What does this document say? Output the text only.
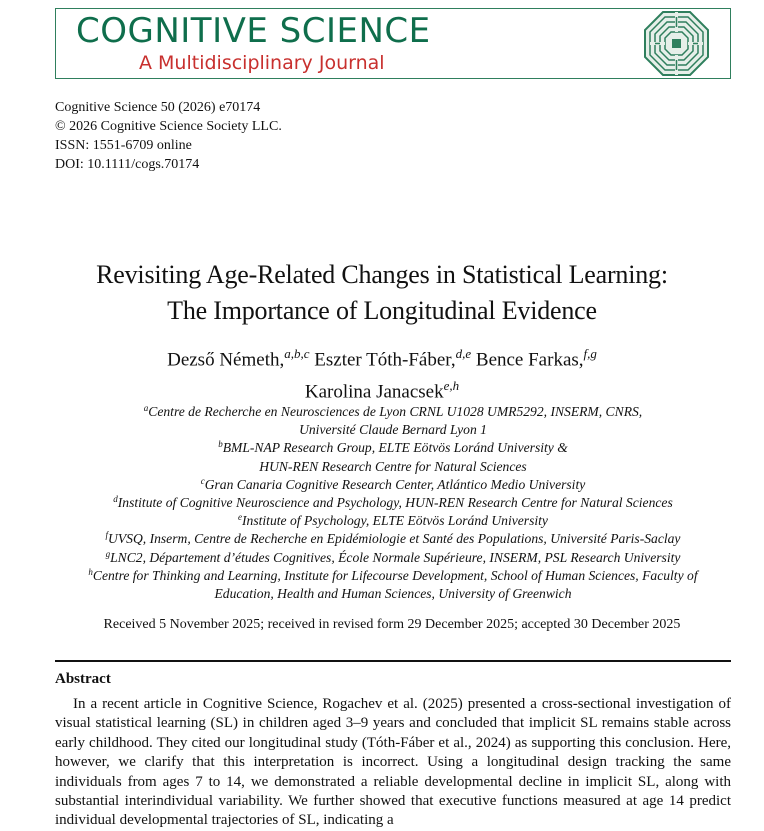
COGNITIVE SCIENCE
A Multidisciplinary Journal
Cognitive Science 50 (2026) e70174
© 2026 Cognitive Science Society LLC.
ISSN: 1551-6709 online
DOI: 10.1111/cogs.70174
Revisiting Age-Related Changes in Statistical Learning:
The Importance of Longitudinal Evidence
Dezső Németh,$^{a,b,c}$ Eszter Tóth-Fáber,$^{d,e}$ Bence Farkas,$^{f,g}$
Karolina Janacsek$^{e,h}$
$^a$Centre de Recherche en Neurosciences de Lyon CRNL U1028 UMR5292, INSERM, CNRS,
Université Claude Bernard Lyon 1
$^b$BML-NAP Research Group, ELTE Eötvös Loránd University &
HUN-REN Research Centre for Natural Sciences
$^c$Gran Canaria Cognitive Research Center, Atlántico Medio University
$^d$Institute of Cognitive Neuroscience and Psychology, HUN-REN Research Centre for Natural Sciences
$^e$Institute of Psychology, ELTE Eötvös Loránd University
$^f$UVSQ, Inserm, Centre de Recherche en Epidémiologie et Santé des Populations, Université Paris-Saclay
$^g$LNC2, Département d’études Cognitives, École Normale Supérieure, INSERM, PSL Research University
$^h$Centre for Thinking and Learning, Institute for Lifecourse Development, School of Human Sciences, Faculty of
Education, Health and Human Sciences, University of Greenwich
Received 5 November 2025; received in revised form 29 December 2025; accepted 30 December 2025
Abstract
In a recent article in Cognitive Science, Rogachev et al. (2025) presented a cross-sectional investigation of visual statistical learning (SL) in children aged 3–9 years and concluded that implicit SL remains stable across early childhood. They cited our longitudinal study (Tóth-Fáber et al., 2024) as supporting this conclusion. Here, however, we clarify that this interpretation is incorrect. Using a longitudinal design tracking the same individuals from ages 7 to 14, we demonstrated a reliable developmental decline in implicit SL, along with substantial interindividual variability. We further showed that executive functions measured at age 14 predict individual developmental trajectories of SL, indicating a
